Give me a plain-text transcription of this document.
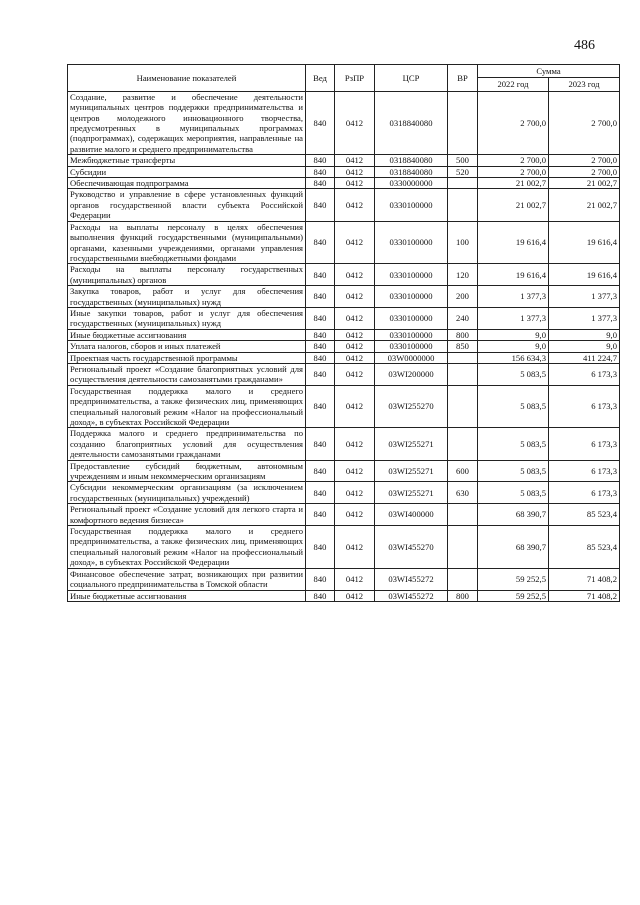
486
Наименование показателей	Вед	РзПР	ЦСР	ВР	Сумма	
					2022 год	2023 год
Создание, развитие и обеспечение деятельности муниципальных центров поддержки предпринимательства и центров молодежного инновационного творчества, предусмотренных в муниципальных программах (подпрограммах), содержащих мероприятия, направленные на развитие малого и среднего предпринимательства	840	0412	0318840080		2 700,0	2 700,0
Межбюджетные трансферты	840	0412	0318840080	500	2 700,0	2 700,0
Субсидии	840	0412	0318840080	520	2 700,0	2 700,0
Обеспечивающая подпрограмма	840	0412	0330000000		21 002,7	21 002,7
Руководство и управление в сфере установленных функций органов государственной власти субъекта Российской Федерации	840	0412	0330100000		21 002,7	21 002,7
Расходы на выплаты персоналу в целях обеспечения выполнения функций государственными (муниципальными) органами, казенными учреждениями, органами управления государственными внебюджетными фондами	840	0412	0330100000	100	19 616,4	19 616,4
Расходы на выплаты персоналу государственных (муниципальных) органов	840	0412	0330100000	120	19 616,4	19 616,4
Закупка товаров, работ и услуг для обеспечения государственных (муниципальных) нужд	840	0412	0330100000	200	1 377,3	1 377,3
Иные закупки товаров, работ и услуг для обеспечения государственных (муниципальных) нужд	840	0412	0330100000	240	1 377,3	1 377,3
Иные бюджетные ассигнования	840	0412	0330100000	800	9,0	9,0
Уплата налогов, сборов и иных платежей	840	0412	0330100000	850	9,0	9,0
Проектная часть государственной программы	840	0412	03W0000000		156 634,3	411 224,7
Региональный проект «Создание благоприятных условий для осуществления деятельности самозанятыми гражданами»	840	0412	03WI200000		5 083,5	6 173,3
Государственная поддержка малого и среднего предпринимательства, а также физических лиц, применяющих специальный налоговый режим «Налог на профессиональный доход», в субъектах Российской Федерации	840	0412	03WI255270		5 083,5	6 173,3
Поддержка малого и среднего предпринимательства по созданию благоприятных условий для осуществления деятельности самозанятыми гражданами	840	0412	03WI255271		5 083,5	6 173,3
Предоставление субсидий бюджетным, автономным учреждениям и иным некоммерческим организациям	840	0412	03WI255271	600	5 083,5	6 173,3
Субсидии некоммерческим организациям (за исключением государственных (муниципальных) учреждений)	840	0412	03WI255271	630	5 083,5	6 173,3
Региональный проект «Создание условий для легкого старта и комфортного ведения бизнеса»	840	0412	03WI400000		68 390,7	85 523,4
Государственная поддержка малого и среднего предпринимательства, а также физических лиц, применяющих специальный налоговый режим «Налог на профессиональный доход», в субъектах Российской Федерации	840	0412	03WI455270		68 390,7	85 523,4
Финансовое обеспечение затрат, возникающих при развитии социального предпринимательства в Томской области	840	0412	03WI455272		59 252,5	71 408,2
Иные бюджетные ассигнования	840	0412	03WI455272	800	59 252,5	71 408,2
